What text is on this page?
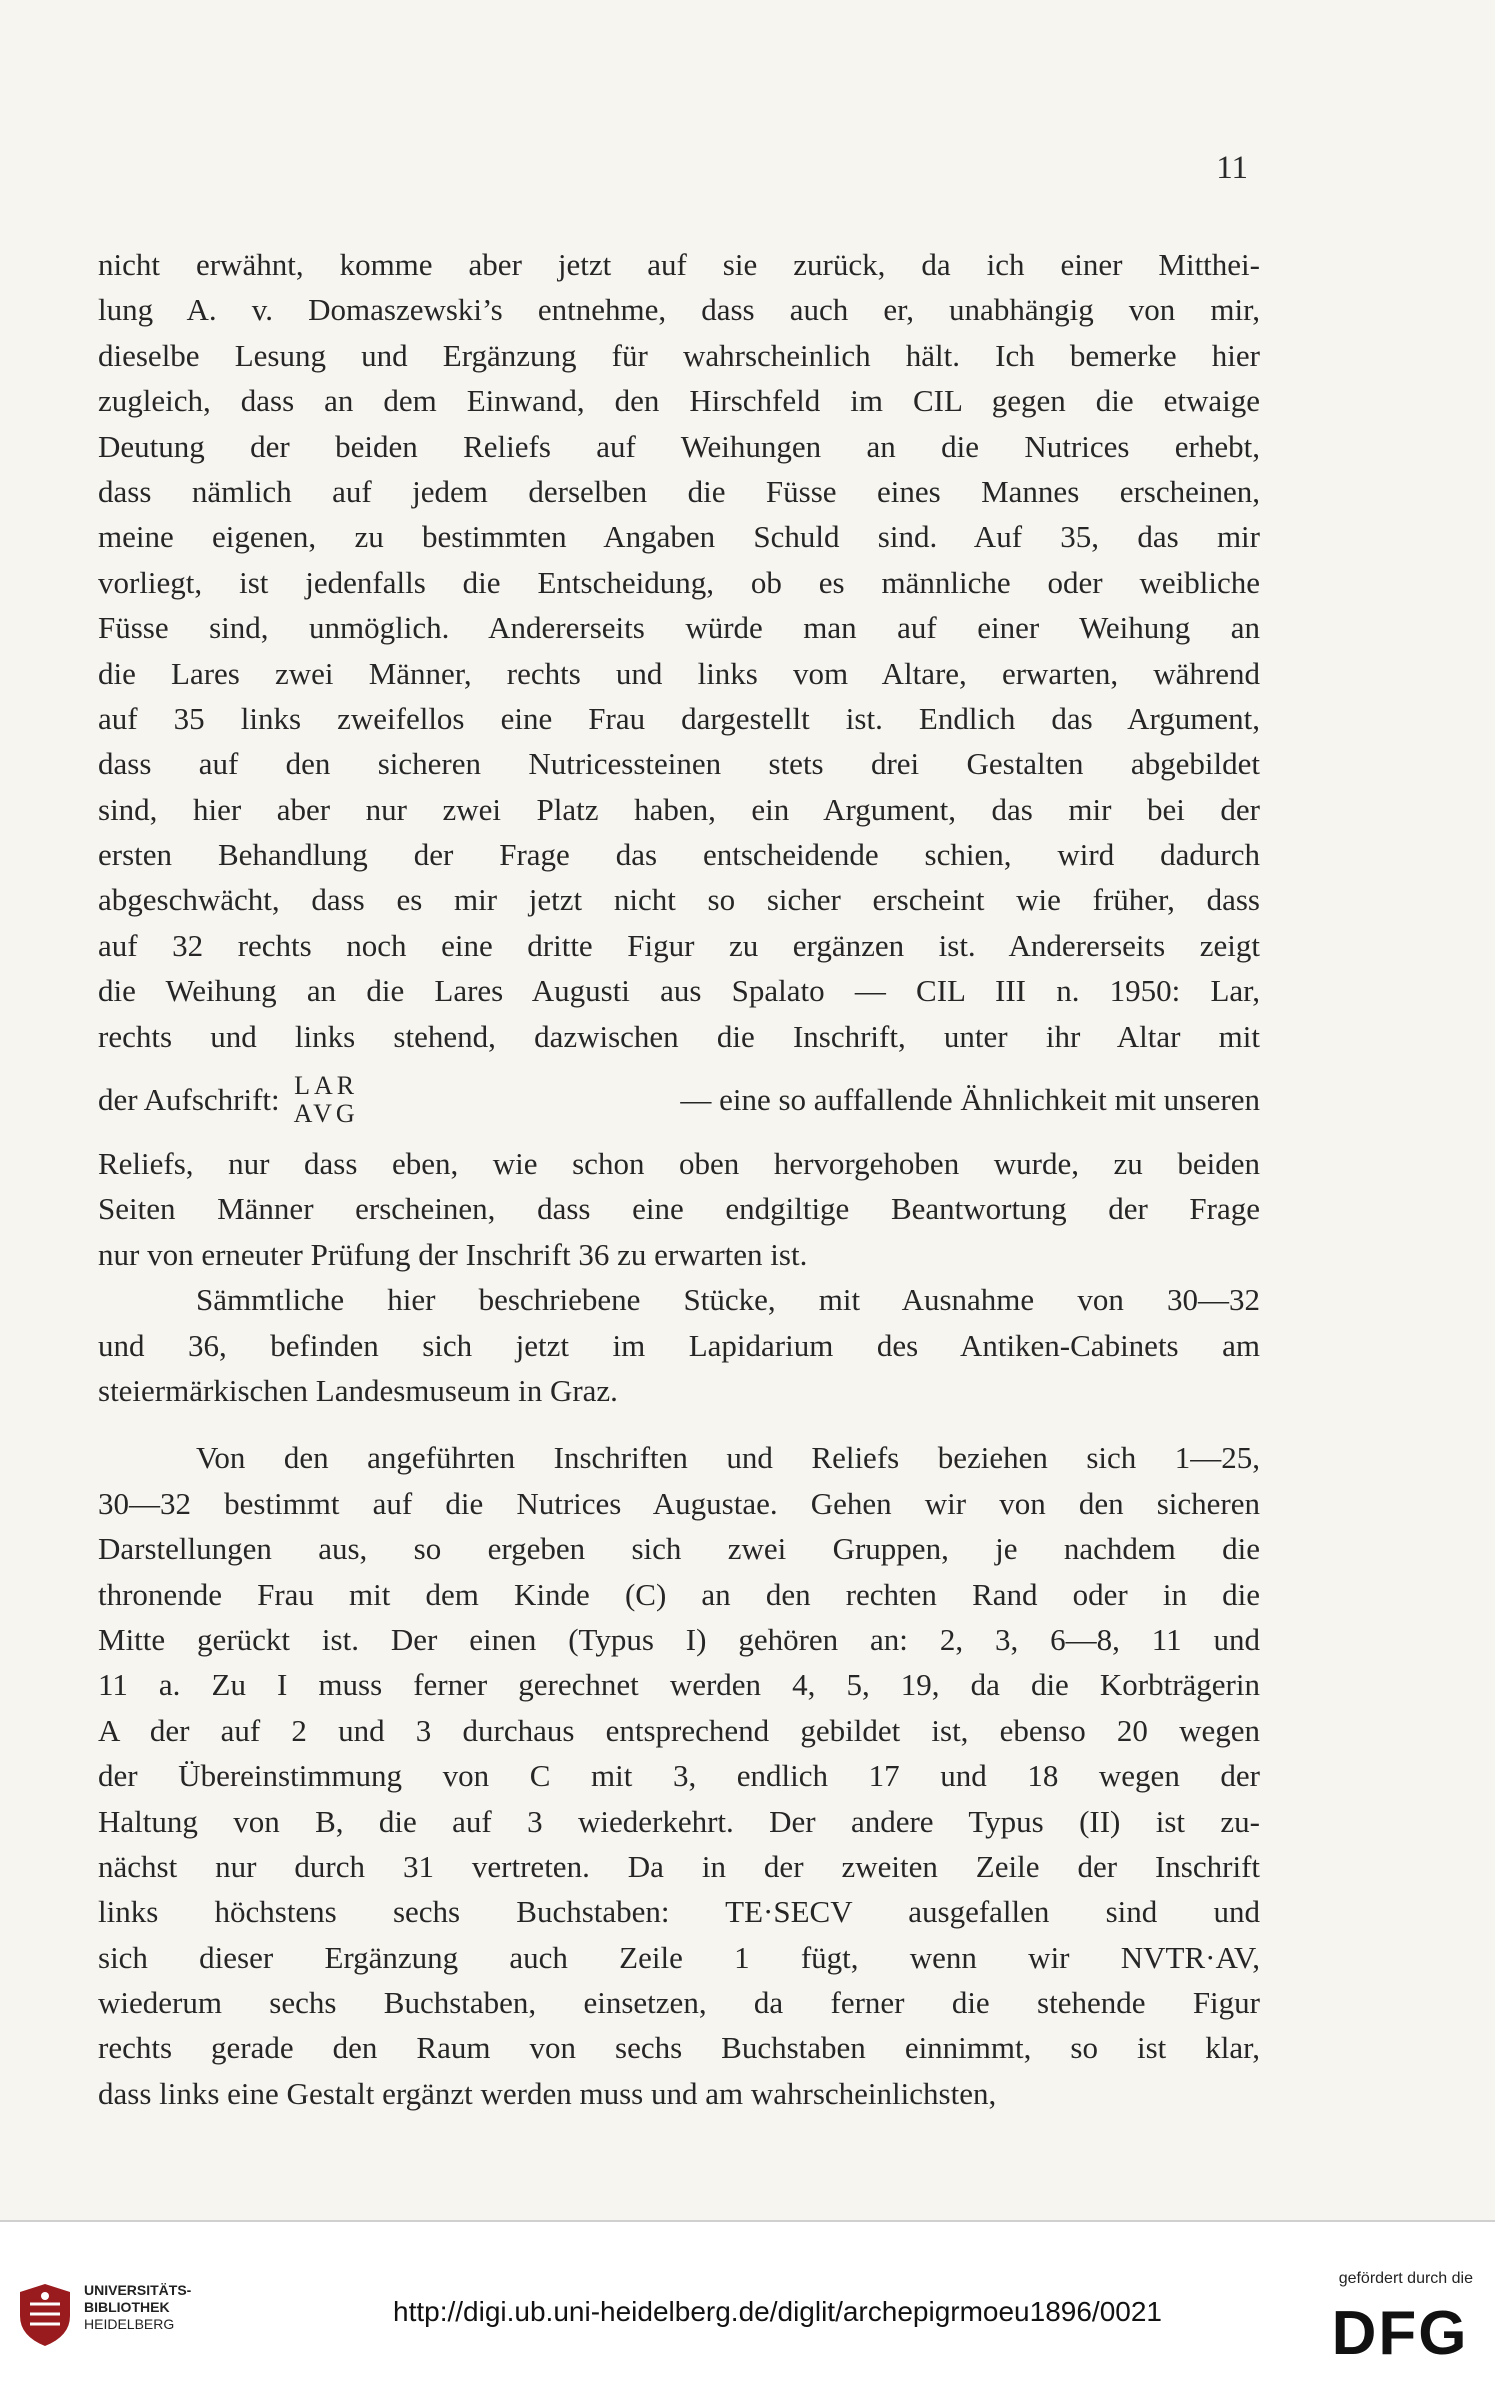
11
nicht erwähnt, komme aber jetzt auf sie zurück, da ich einer Mitthei-
lung A. v. Domaszewski’s entnehme, dass auch er, unabhängig von mir,
dieselbe Lesung und Ergänzung für wahrscheinlich hält. Ich bemerke hier
zugleich, dass an dem Einwand, den Hirschfeld im CIL gegen die etwaige
Deutung der beiden Reliefs auf Weihungen an die Nutrices erhebt,
dass nämlich auf jedem derselben die Füsse eines Mannes erscheinen,
meine eigenen, zu bestimmten Angaben Schuld sind. Auf 35, das mir
vorliegt, ist jedenfalls die Entscheidung, ob es männliche oder weibliche
Füsse sind, unmöglich. Andererseits würde man auf einer Weihung an
die Lares zwei Männer, rechts und links vom Altare, erwarten, während
auf 35 links zweifellos eine Frau dargestellt ist. Endlich das Argument,
dass auf den sicheren Nutricessteinen stets drei Gestalten abgebildet
sind, hier aber nur zwei Platz haben, ein Argument, das mir bei der
ersten Behandlung der Frage das entscheidende schien, wird dadurch
abgeschwächt, dass es mir jetzt nicht so sicher erscheint wie früher, dass
auf 32 rechts noch eine dritte Figur zu ergänzen ist. Andererseits zeigt
die Weihung an die Lares Augusti aus Spalato — CIL III n. 1950: Lar,
rechts und links stehend, dazwischen die Inschrift, unter ihr Altar mit
der Aufschrift: LAR
AVG	— eine so auffallende Ähnlichkeit mit unseren
Reliefs, nur dass eben, wie schon oben hervorgehoben wurde, zu beiden
Seiten Männer erscheinen, dass eine endgiltige Beantwortung der Frage
nur von erneuter Prüfung der Inschrift 36 zu erwarten ist.
Sämmtliche hier beschriebene Stücke, mit Ausnahme von 30—32
und 36, befinden sich jetzt im Lapidarium des Antiken-Cabinets am
steiermärkischen Landesmuseum in Graz.
Von den angeführten Inschriften und Reliefs beziehen sich 1—25,
30—32 bestimmt auf die Nutrices Augustae. Gehen wir von den sicheren
Darstellungen aus, so ergeben sich zwei Gruppen, je nachdem die
thronende Frau mit dem Kinde (C) an den rechten Rand oder in die
Mitte gerückt ist. Der einen (Typus I) gehören an: 2, 3, 6—8, 11 und
11 a. Zu I muss ferner gerechnet werden 4, 5, 19, da die Korbträgerin
A der auf 2 und 3 durchaus entsprechend gebildet ist, ebenso 20 wegen
der Übereinstimmung von C mit 3, endlich 17 und 18 wegen der
Haltung von B, die auf 3 wiederkehrt. Der andere Typus (II) ist zu-
nächst nur durch 31 vertreten. Da in der zweiten Zeile der Inschrift
links höchstens sechs Buchstaben: TE·SECV ausgefallen sind und
sich dieser Ergänzung auch Zeile 1 fügt, wenn wir NVTR·AV,
wiederum sechs Buchstaben, einsetzen, da ferner die stehende Figur
rechts gerade den Raum von sechs Buchstaben einnimmt, so ist klar,
dass links eine Gestalt ergänzt werden muss und am wahrscheinlichsten,
UNIVERSITÄTS-
BIBLIOTHEK
HEIDELBERG	http://digi.ub.uni-heidelberg.de/diglit/archepigrmoeu1896/0021
gefördert durch die
DFG
